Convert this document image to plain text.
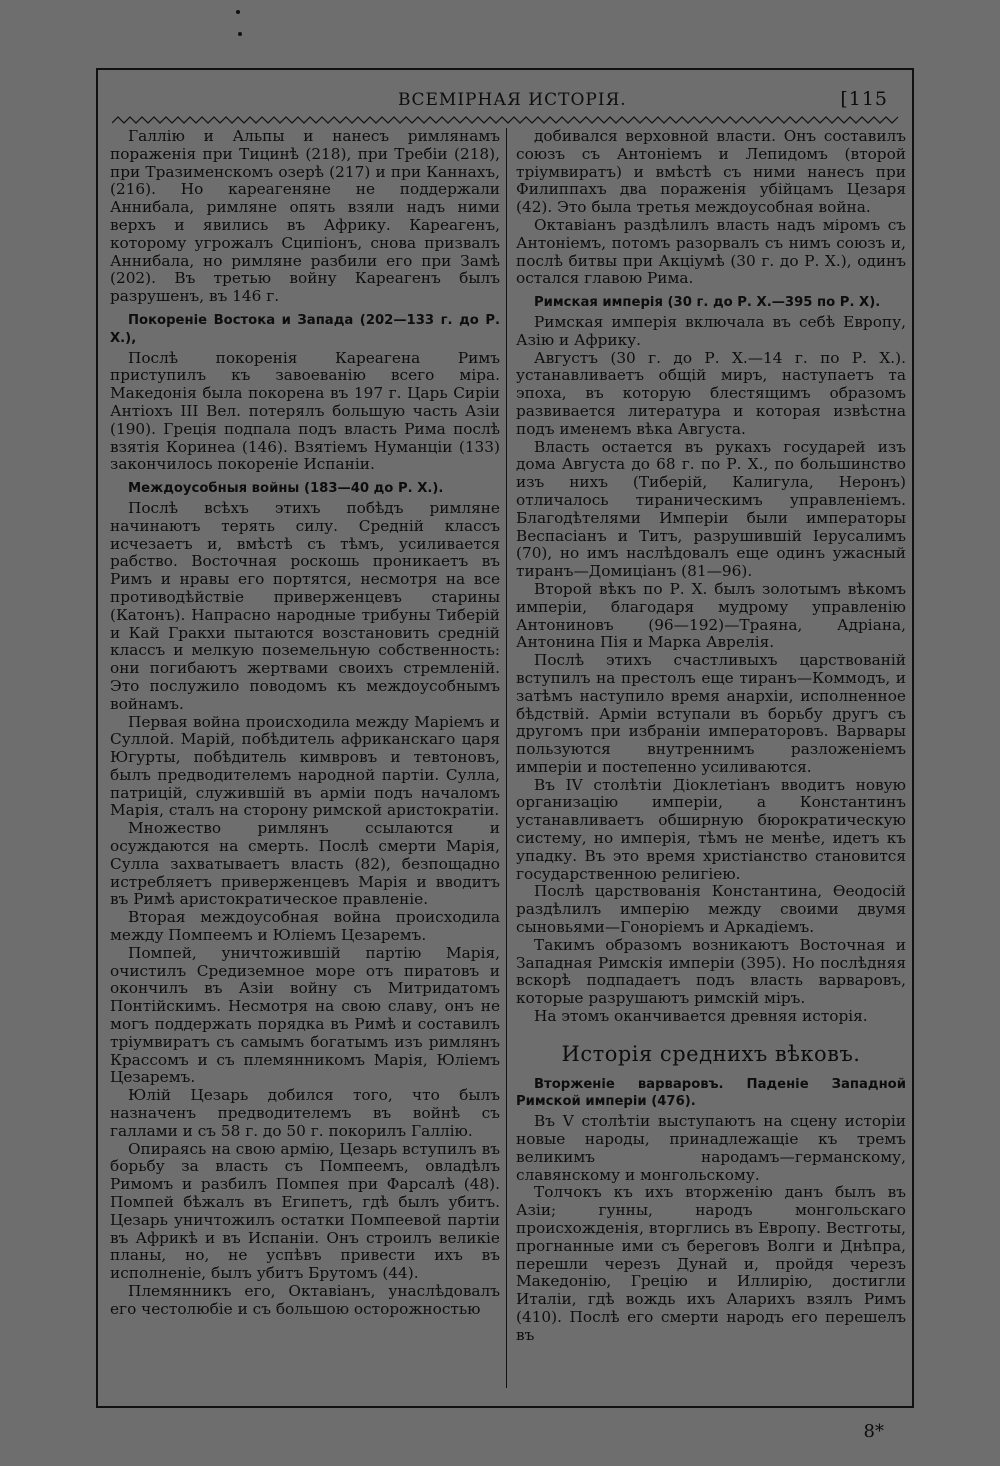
ВСЕМІРНАЯ ИСТОРІЯ.	[115

Галлію и Альпы и нанесъ римлянамъ пораженія при Тицинѣ (218), при Требіи (218), при Тразименскомъ озерѣ (217) и при Каннахъ, (216). Но кареагеняне не поддержали Аннибала, римляне опять взяли надъ ними верхъ и явились въ Африку. Кареагенъ, которому угрожалъ Сципіонъ, снова призвалъ Аннибала, но римляне разбили его при Замѣ (202). Въ третью войну Кареагенъ былъ разрушенъ, въ 146 г.

Покореніе Востока и Запада (202—133 г. до Р. Х.),

Послѣ покоренія Кареагена Римъ приступилъ къ завоеванію всего міра. Македонія была покорена въ 197 г. Царь Сиріи Антіохъ III Вел. потерялъ большую часть Азіи (190). Греція подпала подъ власть Рима послѣ взятія Коринеа (146). Взятіемъ Нуманціи (133) закончилось покореніе Испаніи.

Междоусобныя войны (183—40 до Р. Х.).

Послѣ всѣхъ этихъ побѣдъ римляне начинаютъ терять силу. Средній классъ исчезаетъ и, вмѣстѣ съ тѣмъ, усиливается рабство. Восточная роскошь проникаетъ въ Римъ и нравы его портятся, несмотря на все противодѣйствіе приверженцевъ старины (Катонъ). Напрасно народные трибуны Тиберій и Кай Гракхи пытаются возстановить средній классъ и мелкую поземельную собственность: они погибаютъ жертвами своихъ стремленій. Это послужило поводомъ къ междоусобнымъ войнамъ.

Первая война происходила между Маріемъ и Суллой. Марій, побѣдитель африканскаго царя Югурты, побѣдитель кимвровъ и тевтоновъ, былъ предводителемъ народной партіи. Сулла, патрицій, служившій въ арміи подъ началомъ Марія, сталъ на сторону римской аристократіи.

Множество римлянъ ссылаются и осуждаются на смерть. Послѣ смерти Марія, Сулла захватываетъ власть (82), безпощадно истребляетъ приверженцевъ Марія и вводитъ въ Римѣ аристократическое правленіе.

Вторая междоусобная война происходила между Помпеемъ и Юліемъ Цезаремъ.

Помпей, уничтожившій партію Марія, очистилъ Средиземное море отъ пиратовъ и окончилъ въ Азіи войну съ Митридатомъ Понтійскимъ. Несмотря на свою славу, онъ не могъ поддержать порядка въ Римѣ и составилъ тріумвиратъ съ самымъ богатымъ изъ римлянъ Крассомъ и съ племянникомъ Марія, Юліемъ Цезаремъ.

Юлій Цезарь добился того, что былъ назначенъ предводителемъ въ войнѣ съ галлами и съ 58 г. до 50 г. покорилъ Галлію.

Опираясь на свою армію, Цезарь вступилъ въ борьбу за власть съ Помпеемъ, овладѣлъ Римомъ и разбилъ Помпея при Фарсалѣ (48). Помпей бѣжалъ въ Египетъ, гдѣ былъ убитъ. Цезарь уничтожилъ остатки Помпеевой партіи въ Африкѣ и въ Испаніи. Онъ строилъ великіе планы, но, не успѣвъ привести ихъ въ исполненіе, былъ убитъ Брутомъ (44).

Племянникъ его, Октавіанъ, унаслѣдовалъ его честолюбіе и съ большою осторожностью

добивался верховной власти. Онъ составилъ союзъ съ Антоніемъ и Лепидомъ (второй тріумвиратъ) и вмѣстѣ съ ними нанесъ при Филиппахъ два пораженія убійцамъ Цезаря (42). Это была третья междоусобная война.

Октавіанъ раздѣлилъ власть надъ міромъ съ Антоніемъ, потомъ разорвалъ съ нимъ союзъ и, послѣ битвы при Акціумѣ (30 г. до Р. Х.), одинъ остался главою Рима.

Римская имперія (30 г. до Р. Х.—395 по Р. Х).

Римская имперія включала въ себѣ Европу, Азію и Африку.

Августъ (30 г. до Р. Х.—14 г. по Р. Х.). устанавливаетъ общій миръ, наступаетъ та эпоха, въ которую блестящимъ образомъ развивается литература и которая извѣстна подъ именемъ вѣка Августа.

Власть остается въ рукахъ государей изъ дома Августа до 68 г. по Р. Х., по большинство изъ нихъ (Тиберій, Калигула, Неронъ) отличалось тираническимъ управленіемъ. Благодѣтелями Имперіи были императоры Веспасіанъ и Титъ, разрушившій Іерусалимъ (70), но имъ наслѣдовалъ еще одинъ ужасный тиранъ—Домиціанъ (81—96).

Второй вѣкъ по Р. Х. былъ золотымъ вѣкомъ имперіи, благодаря мудрому управленію Антониновъ (96—192)—Траяна, Адріана, Антонина Пія и Марка Аврелія.

Послѣ этихъ счастливыхъ царствованій вступилъ на престолъ еще тиранъ—Коммодъ, и затѣмъ наступило время анархіи, исполненное бѣдствій. Арміи вступали въ борьбу другъ съ другомъ при избраніи императоровъ. Варвары пользуются внутреннимъ разложеніемъ имперіи и постепенно усиливаются.

Въ IV столѣтіи Діоклетіанъ вводитъ новую организацію имперіи, а Константинъ устанавливаетъ обширную бюрократическую систему, но имперія, тѣмъ не менѣе, идетъ къ упадку. Въ это время христіанство становится государственною религіею.

Послѣ царствованія Константина, Ѳеодосій раздѣлилъ имперію между своими двумя сыновьями—Гоноріемъ и Аркадіемъ.

Такимъ образомъ возникаютъ Восточная и Западная Римскія имперіи (395). Но послѣдняя вскорѣ подпадаетъ подъ власть варваровъ, которые разрушаютъ римскій міръ.

На этомъ оканчивается древняя исторія.

Исторія среднихъ вѣковъ.
Вторженіе варваровъ. Паденіе Западной Римской имперіи (476).

Въ V столѣтіи выступаютъ на сцену исторіи новые народы, принадлежащіе къ тремъ великимъ народамъ—германскому, славянскому и монгольскому.

Толчокъ къ ихъ вторженію данъ былъ въ Азіи; гунны, народъ монгольскаго происхожденія, вторглись въ Европу. Вестготы, прогнанные ими съ береговъ Волги и Днѣпра, перешли черезъ Дунай и, пройдя черезъ Македонію, Грецію и Иллирію, достигли Италіи, гдѣ вождь ихъ Аларихъ взялъ Римъ (410). Послѣ его смерти народъ его перешелъ въ

8*
